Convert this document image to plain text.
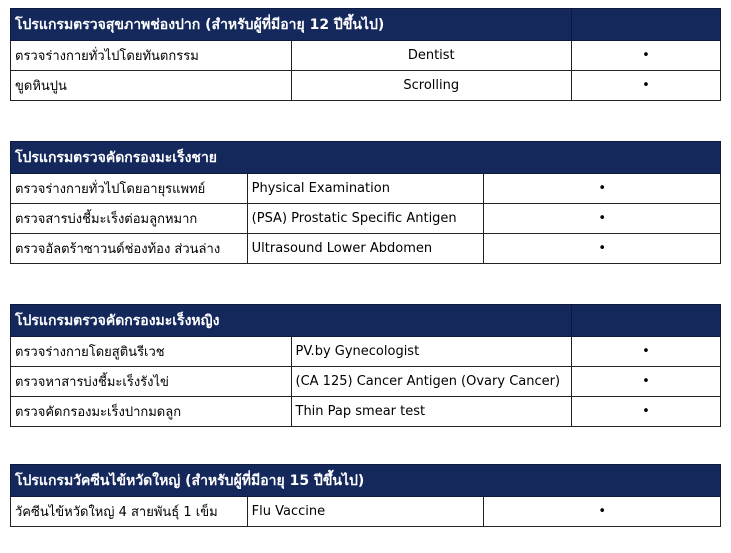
โปรแกรมตรวจสุขภาพช่องปาก (สำหรับผู้ที่มีอายุ 12 ปีขึ้นไป)		
ตรวจร่างกายทั่วไปโดยทันตกรรม	Dentist	•
ขูดหินปูน	Scrolling	•
โปรแกรมตรวจคัดกรองมะเร็งชาย		
ตรวจร่างกายทั่วไปโดยอายุรแพทย์	Physical Examination	•
ตรวจสารบ่งชี้มะเร็งต่อมลูกหมาก	(PSA) Prostatic Specific Antigen	•
ตรวจอัลตร้าซาวนด์ช่องท้อง ส่วนล่าง	Ultrasound Lower Abdomen	•
โปรแกรมตรวจคัดกรองมะเร็งหญิง		
ตรวจร่างกายโดยสูตินรีเวช	PV.by Gynecologist	•
ตรวจหาสารบ่งชี้มะเร็งรังไข่	(CA 125) Cancer Antigen (Ovary Cancer)	•
ตรวจคัดกรองมะเร็งปากมดลูก	Thin Pap smear test	•
โปรแกรมวัคซีนไข้หวัดใหญ่ (สำหรับผู้ที่มีอายุ 15 ปีขึ้นไป)
วัคซีนไข้หวัดใหญ่ 4 สายพันธุ์ 1 เข็ม	Flu Vaccine	•
